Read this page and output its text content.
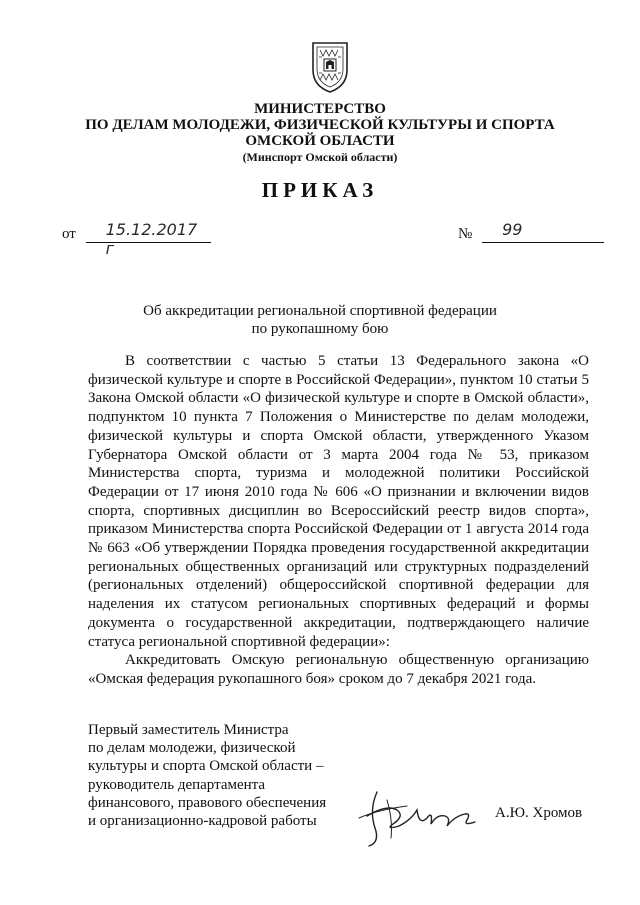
МИНИСТЕРСТВО
ПО ДЕЛАМ МОЛОДЕЖИ, ФИЗИЧЕСКОЙ КУЛЬТУРЫ И СПОРТА
ОМСКОЙ ОБЛАСТИ
(Минспорт Омской области)
ПРИКАЗ
от 15.12.2017 г
№ 99
Об аккредитации региональной спортивной федерации
по рукопашному бою

В соответствии с частью 5 статьи 13 Федерального закона «О физической культуре и спорте в Российской Федерации», пунктом 10 статьи 5 Закона Омской области «О физической культуре и спорте в Омской области», подпунктом 10 пункта 7 Положения о Министерстве по делам молодежи, физической культуры и спорта Омской области, утвержденного Указом Губернатора Омской области от 3 марта 2004 года № 53, приказом Министерства спорта, туризма и молодежной политики Российской Федерации от 17 июня 2010 года № 606 «О признании и включении видов спорта, спортивных дисциплин во Всероссийский реестр видов спорта», приказом Министерства спорта Российской Федерации от 1 августа 2014 года № 663 «Об утверждении Порядка проведения государственной аккредитации региональных общественных организаций или структурных подразделений (региональных отделений) общероссийской спортивной федерации для наделения их статусом региональных спортивных федераций и формы документа о государственной аккредитации, подтверждающего наличие статуса региональной спортивной федерации»:

Аккредитовать Омскую региональную общественную организацию «Омская федерация рукопашного боя» сроком до 7 декабря 2021 года.

Первый заместитель Министра
по делам молодежи, физической
культуры и спорта Омской области –
руководитель департамента
финансового, правового обеспечения
и организационно-кадровой работы
А.Ю. Хромов
